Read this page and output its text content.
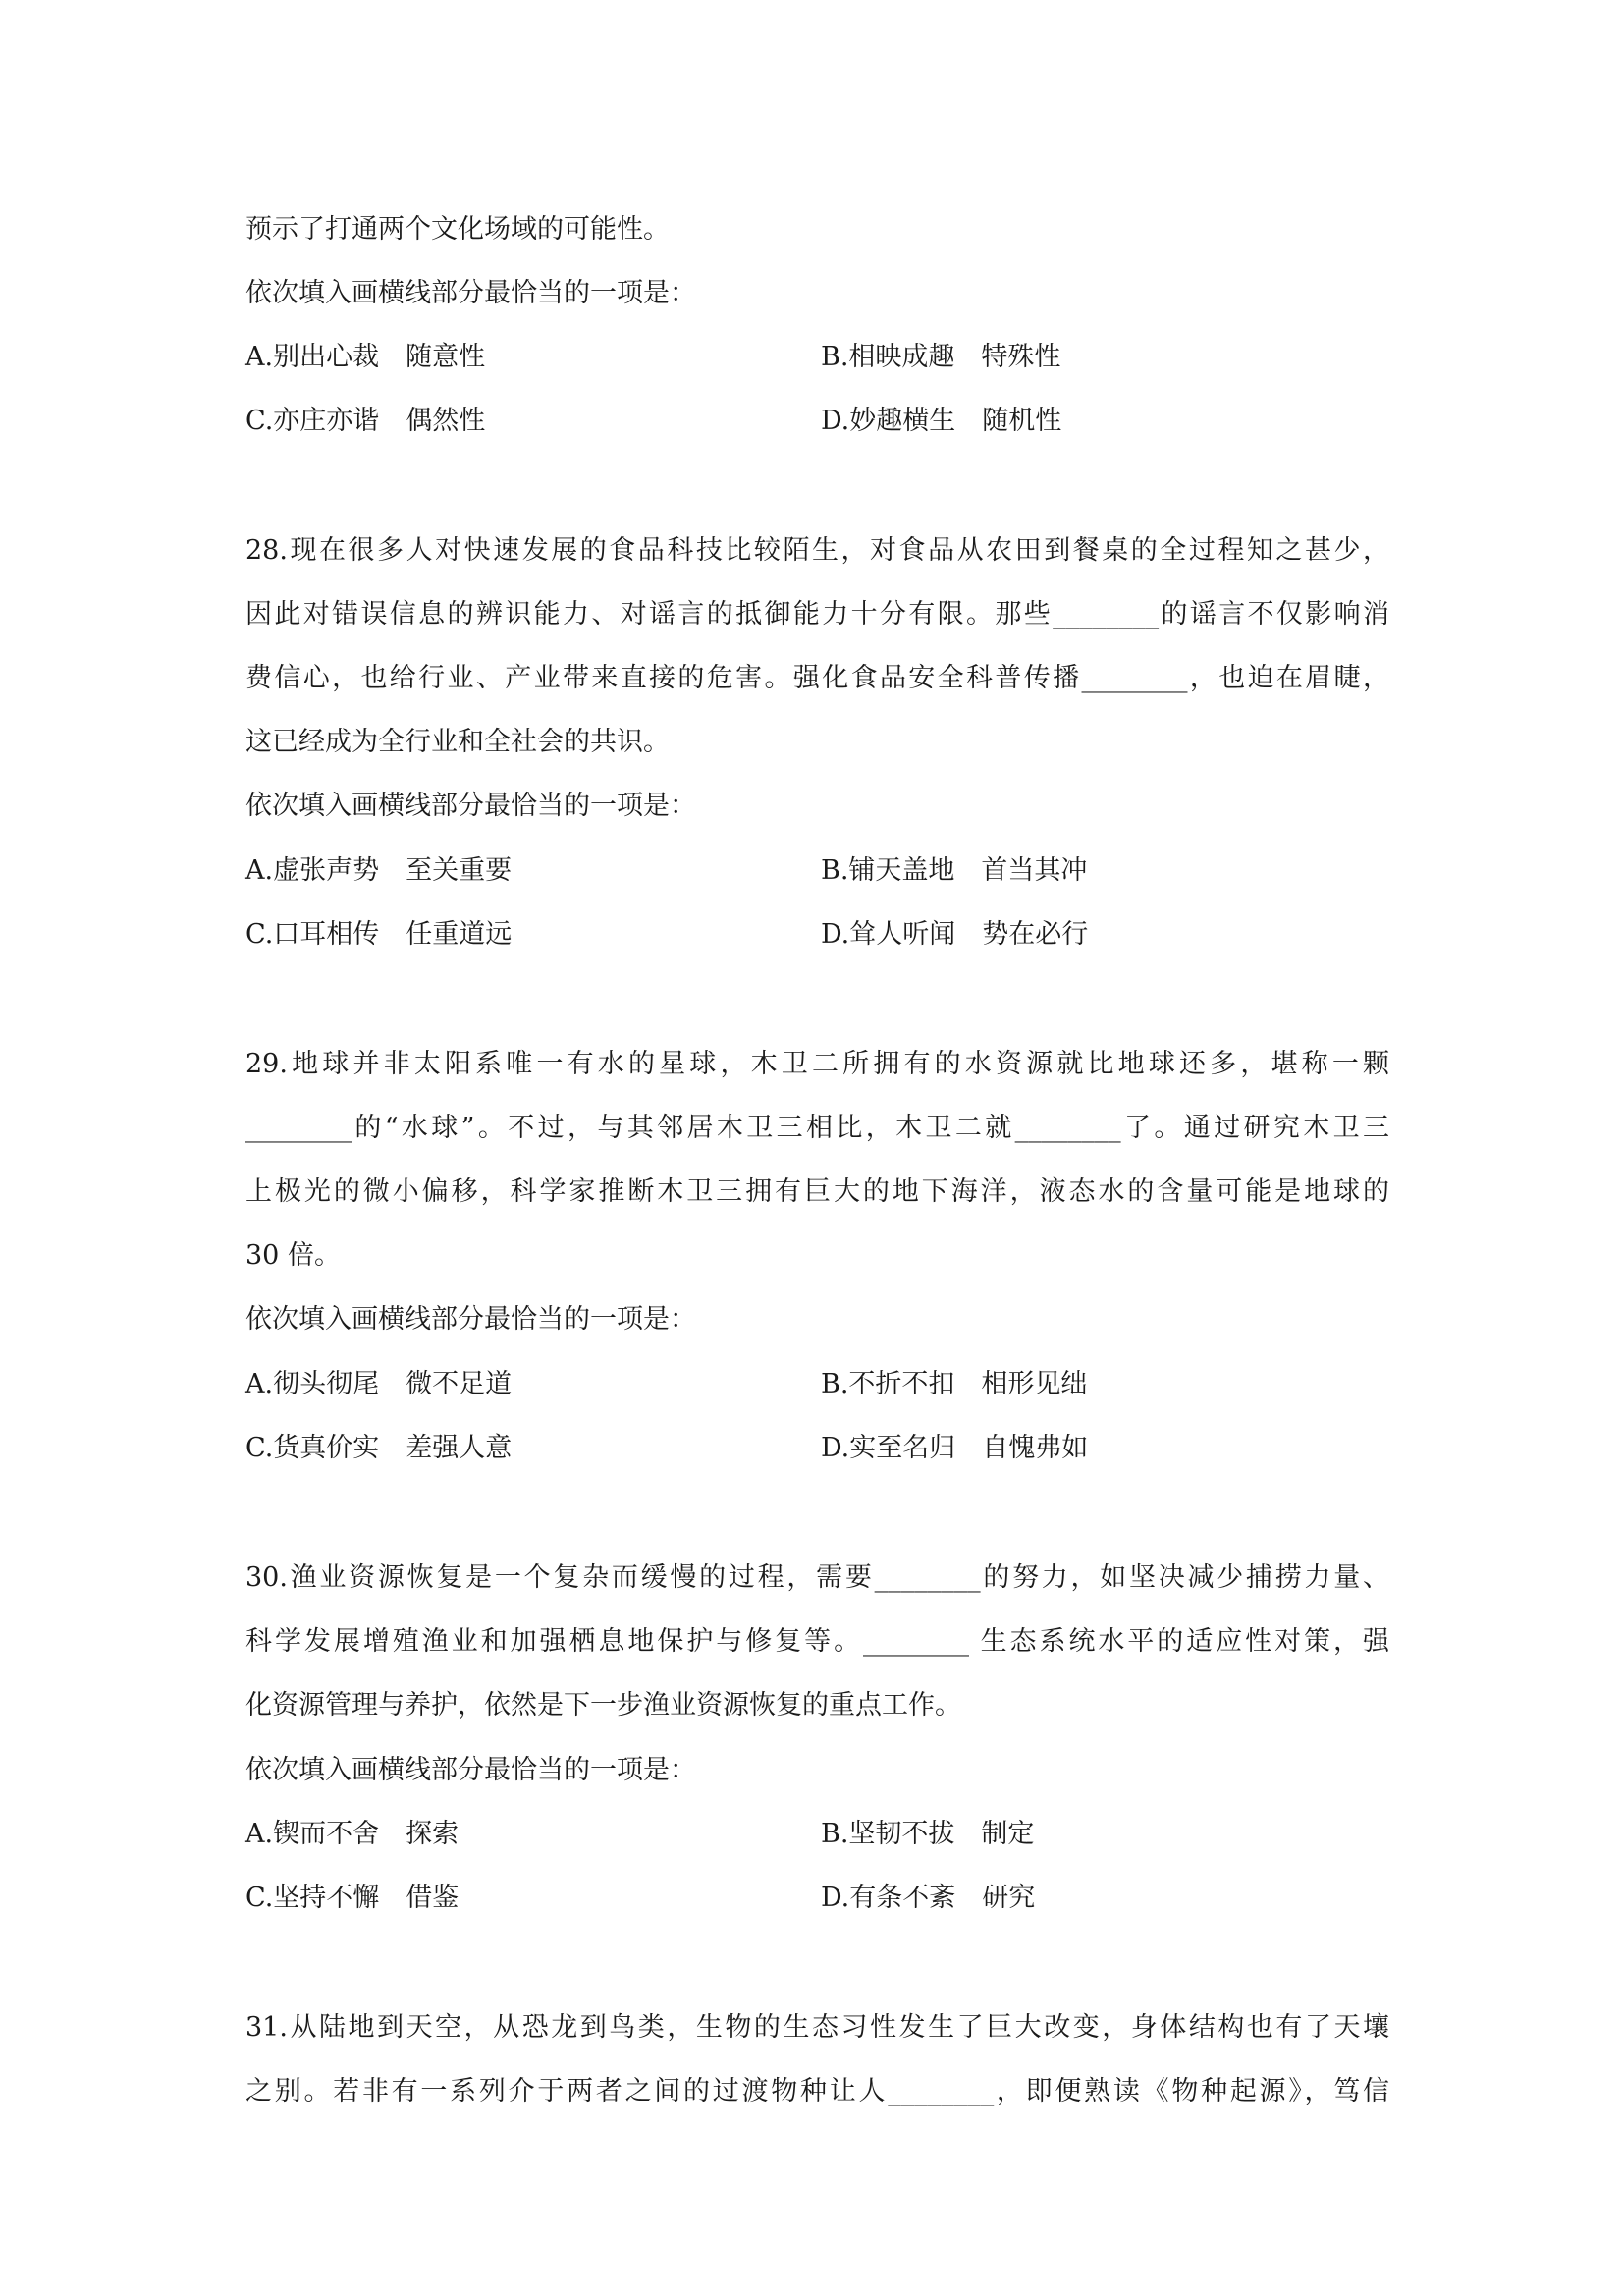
预示了打通两个文化场域的可能性。
依次填入画横线部分最恰当的一项是：
A.别出心裁　随意性	B.相映成趣　特殊性
C.亦庄亦谐　偶然性	D.妙趣横生　随机性
28.现在很多人对快速发展的食品科技比较陌生，对食品从农田到餐桌的全过程知之甚少，
因此对错误信息的辨识能力、对谣言的抵御能力十分有限。那些________的谣言不仅影响消
费信心，也给行业、产业带来直接的危害。强化食品安全科普传播________，也迫在眉睫，
这已经成为全行业和全社会的共识。
依次填入画横线部分最恰当的一项是：
A.虚张声势　至关重要	B.铺天盖地　首当其冲
C.口耳相传　任重道远	D.耸人听闻　势在必行
29.地球并非太阳系唯一有水的星球，木卫二所拥有的水资源就比地球还多，堪称一颗
________的“水球”。不过，与其邻居木卫三相比，木卫二就________了。通过研究木卫三
上极光的微小偏移，科学家推断木卫三拥有巨大的地下海洋，液态水的含量可能是地球的
30 倍。
依次填入画横线部分最恰当的一项是：
A.彻头彻尾　微不足道	B.不折不扣　相形见绌
C.货真价实　差强人意	D.实至名归　自愧弗如
30.渔业资源恢复是一个复杂而缓慢的过程，需要________的努力，如坚决减少捕捞力量、
科学发展增殖渔业和加强栖息地保护与修复等。________ 生态系统水平的适应性对策，强
化资源管理与养护，依然是下一步渔业资源恢复的重点工作。
依次填入画横线部分最恰当的一项是：
A.锲而不舍　探索	B.坚韧不拔　制定
C.坚持不懈　借鉴	D.有条不紊　研究
31.从陆地到天空，从恐龙到鸟类，生物的生态习性发生了巨大改变，身体结构也有了天壤
之别。若非有一系列介于两者之间的过渡物种让人________，即便熟读《物种起源》，笃信
